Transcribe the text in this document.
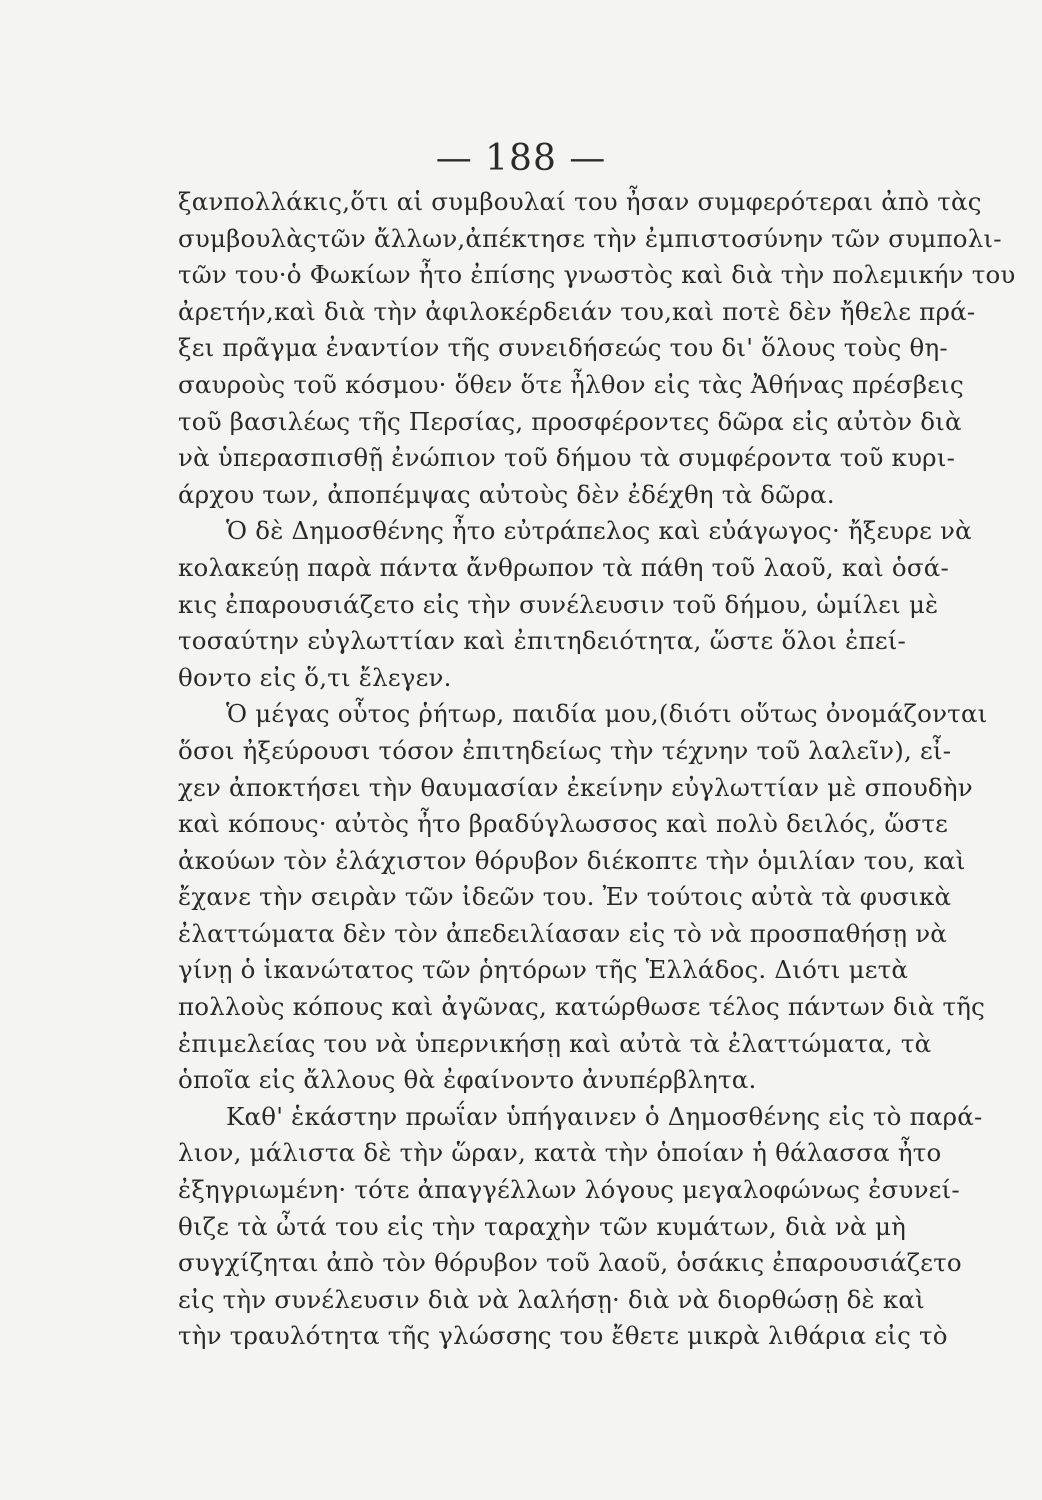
— 188 —
ξανπολλάκις,ὅτι αἱ συμβουλαί του ἦσαν συμφερότεραι ἀπὸ τὰς
συμβουλὰςτῶν ἄλλων,ἀπέκτησε τὴν ἐμπιστοσύνην τῶν συμπολι-
τῶν του·ὁ Φωκίων ἦτο ἐπίσης γνωστὸς καὶ διὰ τὴν πολεμικήν του
ἀρετήν,καὶ διὰ τὴν ἀφιλοκέρδειάν του,καὶ ποτὲ δὲν ἤθελε πρά-
ξει πρᾶγμα ἐναντίον τῆς συνειδήσεώς του δι' ὅλους τοὺς θη-
σαυροὺς τοῦ κόσμου· ὅθεν ὅτε ἦλθον εἰς τὰς Ἀθήνας πρέσβεις
τοῦ βασιλέως τῆς Περσίας, προσφέροντες δῶρα εἰς αὐτὸν διὰ
νὰ ὑπερασπισθῇ ἐνώπιον τοῦ δήμου τὰ συμφέροντα τοῦ κυρι-
άρχου των, ἀποπέμψας αὐτοὺς δὲν ἐδέχθη τὰ δῶρα.
Ὁ δὲ Δημοσθένης ἦτο εὐτράπελος καὶ εὐάγωγος· ἤξευρε νὰ
κολακεύῃ παρὰ πάντα ἄνθρωπον τὰ πάθη τοῦ λαοῦ, καὶ ὁσά-
κις ἐπαρουσιάζετο εἰς τὴν συνέλευσιν τοῦ δήμου, ὡμίλει μὲ
τοσαύτην εὐγλωττίαν καὶ ἐπιτηδειότητα, ὥστε ὅλοι ἐπεί-
θοντο εἰς ὅ,τι ἔλεγεν.
Ὁ μέγας οὗτος ῥήτωρ, παιδία μου,(διότι οὕτως ὀνομάζονται
ὅσοι ἠξεύρουσι τόσον ἐπιτηδείως τὴν τέχνην τοῦ λαλεῖν), εἶ-
χεν ἀποκτήσει τὴν θαυμασίαν ἐκείνην εὐγλωττίαν μὲ σπουδὴν
καὶ κόπους· αὐτὸς ἦτο βραδύγλωσσος καὶ πολὺ δειλός, ὥστε
ἀκούων τὸν ἐλάχιστον θόρυβον διέκοπτε τὴν ὁμιλίαν του, καὶ
ἔχανε τὴν σειρὰν τῶν ἰδεῶν του. Ἐν τούτοις αὐτὰ τὰ φυσικὰ
ἐλαττώματα δὲν τὸν ἀπεδειλίασαν εἰς τὸ νὰ προσπαθήσῃ νὰ
γίνῃ ὁ ἱκανώτατος τῶν ῥητόρων τῆς Ἑλλάδος. Διότι μετὰ
πολλοὺς κόπους καὶ ἀγῶνας, κατώρθωσε τέλος πάντων διὰ τῆς
ἐπιμελείας του νὰ ὑπερνικήσῃ καὶ αὐτὰ τὰ ἐλαττώματα, τὰ
ὁποῖα εἰς ἄλλους θὰ ἐφαίνοντο ἀνυπέρβλητα.
Καθ' ἑκάστην πρωΐαν ὑπήγαινεν ὁ Δημοσθένης εἰς τὸ παρά-
λιον, μάλιστα δὲ τὴν ὥραν, κατὰ τὴν ὁποίαν ἡ θάλασσα ἦτο
ἐξηγριωμένη· τότε ἀπαγγέλλων λόγους μεγαλοφώνως ἐσυνεί-
θιζε τὰ ὦτά του εἰς τὴν ταραχὴν τῶν κυμάτων, διὰ νὰ μὴ
συγχίζηται ἀπὸ τὸν θόρυβον τοῦ λαοῦ, ὁσάκις ἐπαρουσιάζετο
εἰς τὴν συνέλευσιν διὰ νὰ λαλήσῃ· διὰ νὰ διορθώσῃ δὲ καὶ
τὴν τραυλότητα τῆς γλώσσης του ἔθετε μικρὰ λιθάρια εἰς τὸ
